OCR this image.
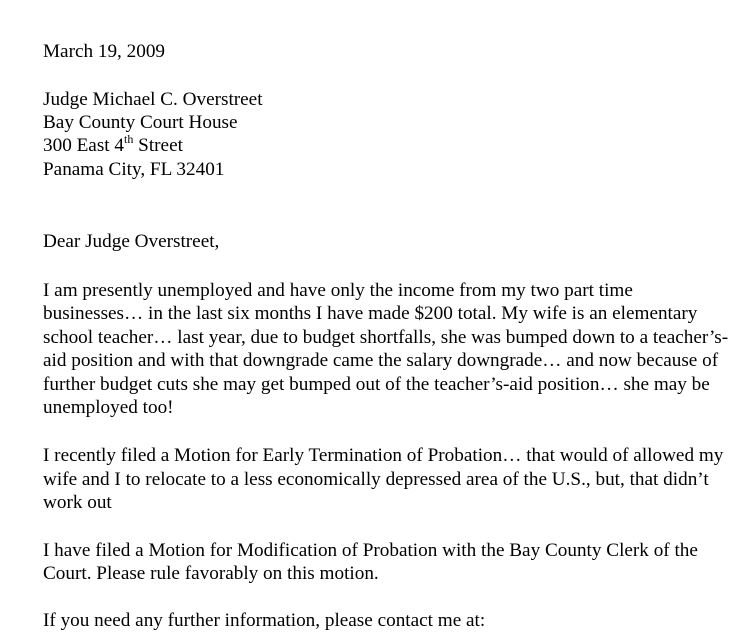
March 19, 2009
Judge Michael C. Overstreet
Bay County Court House
300 East 4th Street
Panama City, FL 32401
Dear Judge Overstreet,
I am presently unemployed and have only the income from my two part time
businesses… in the last six months I have made $200 total. My wife is an elementary
school teacher… last year, due to budget shortfalls, she was bumped down to a teacher’s-
aid position and with that downgrade came the salary downgrade… and now because of
further budget cuts she may get bumped out of the teacher’s-aid position… she may be
unemployed too!
I recently filed a Motion for Early Termination of Probation… that would of allowed my
wife and I to relocate to a less economically depressed area of the U.S., but, that didn’t
work out
I have filed a Motion for Modification of Probation with the Bay County Clerk of the
Court. Please rule favorably on this motion.
If you need any further information, please contact me at:
